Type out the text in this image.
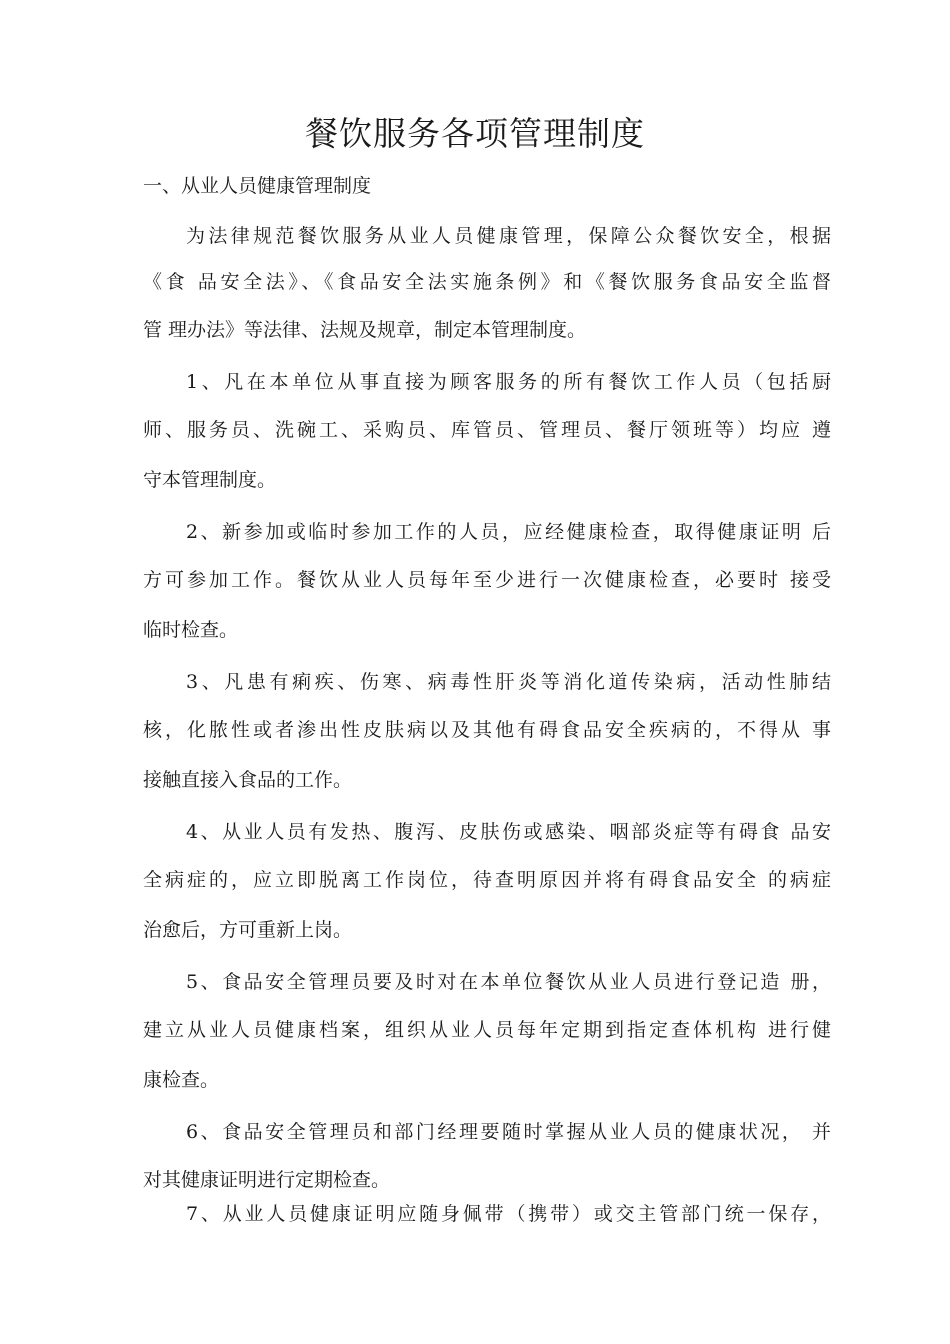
餐饮服务各项管理制度
一、从业人员健康管理制度

为法律规范餐饮服务从业人员健康管理，保障公众餐饮安全，根据

《食 品安全法》、《食品安全法实施条例》和《餐饮服务食品安全监督

管 理办法》等法律、法规及规章，制定本管理制度。

1、凡在本单位从事直接为顾客服务的所有餐饮工作人员（包括厨

师、服务员、洗碗工、采购员、库管员、管理员、餐厅领班等）均应 遵

守本管理制度。

2、新参加或临时参加工作的人员，应经健康检查，取得健康证明 后

方可参加工作。餐饮从业人员每年至少进行一次健康检查，必要时 接受

临时检查。

3、凡患有痢疾、伤寒、病毒性肝炎等消化道传染病，活动性肺结

核，化脓性或者渗出性皮肤病以及其他有碍食品安全疾病的，不得从 事

接触直接入食品的工作。

4、从业人员有发热、腹泻、皮肤伤或感染、咽部炎症等有碍食 品安

全病症的，应立即脱离工作岗位，待查明原因并将有碍食品安全 的病症

治愈后，方可重新上岗。

5、食品安全管理员要及时对在本单位餐饮从业人员进行登记造 册，

建立从业人员健康档案，组织从业人员每年定期到指定查体机构 进行健

康检查。

6、食品安全管理员和部门经理要随时掌握从业人员的健康状况， 并

对其健康证明进行定期检查。

7、从业人员健康证明应随身佩带（携带）或交主管部门统一保存，
